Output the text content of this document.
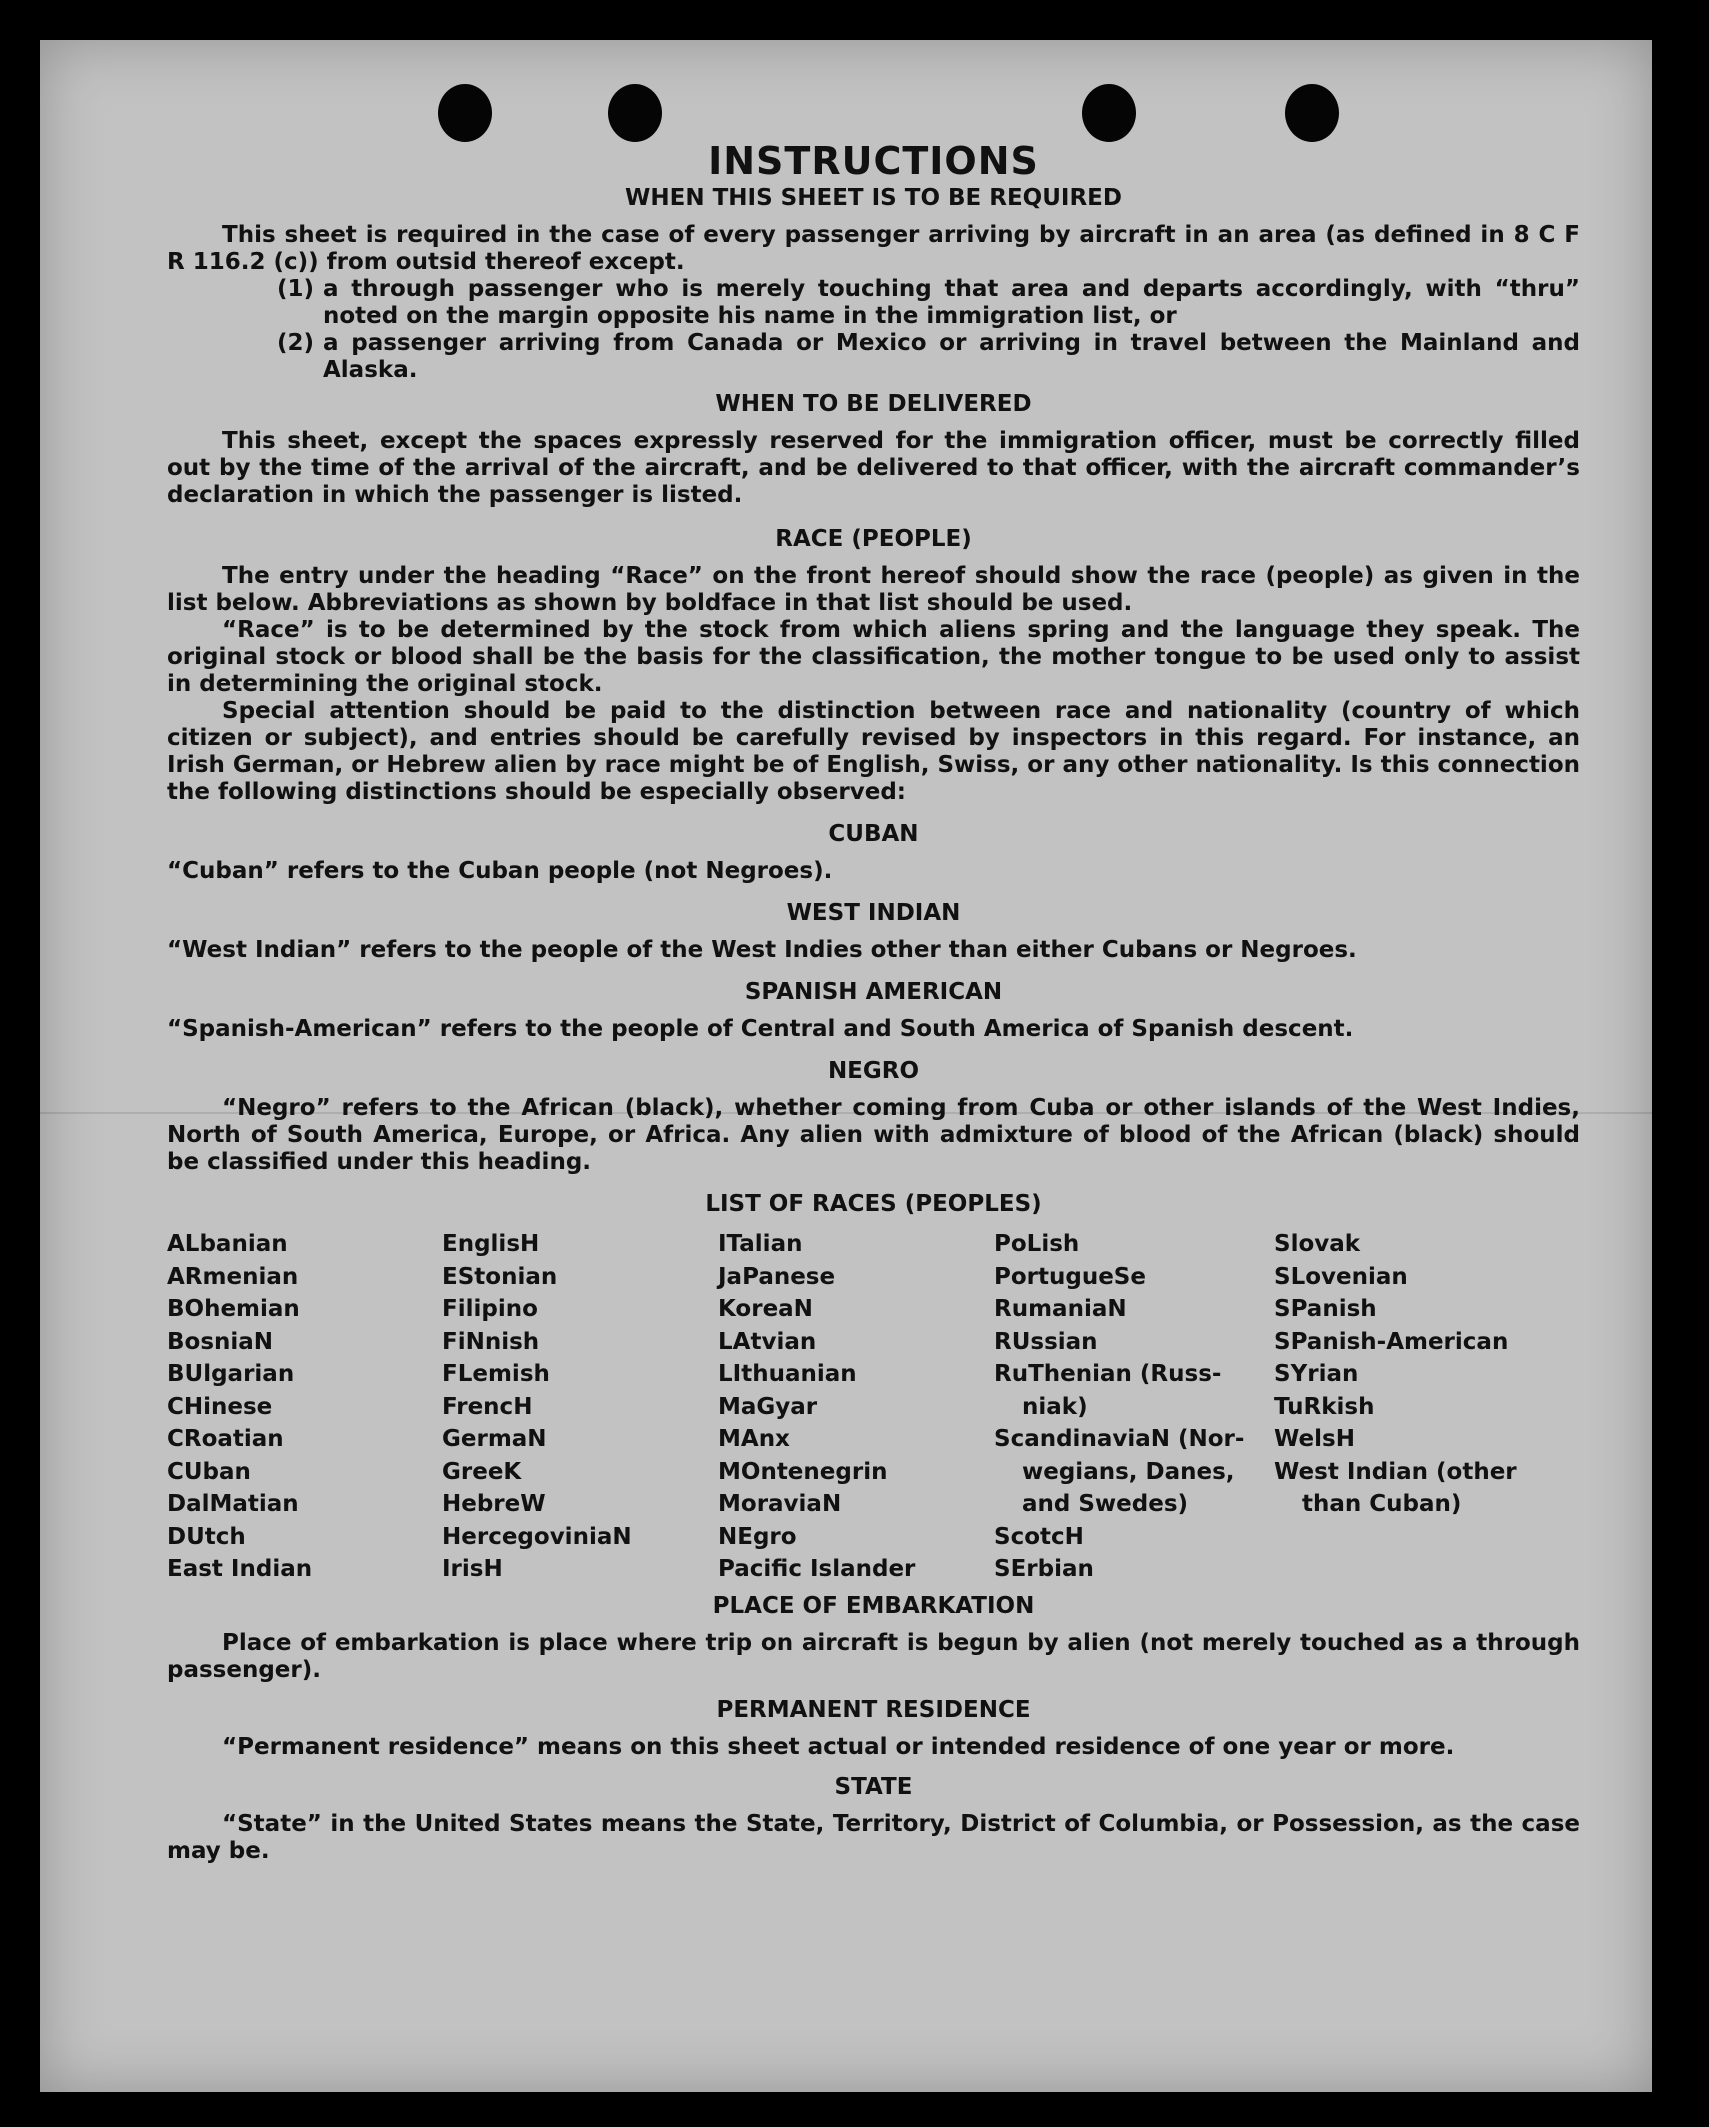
INSTRUCTIONS
WHEN THIS SHEET IS TO BE REQUIRED

This sheet is required in the case of every passenger arriving by aircraft in an area (as defined in 8 C F R 116.2 (c)) from outsid thereof except.

(1) a through passenger who is merely touching that area and departs accordingly, with “thru” noted on the margin opposite his name in the immigration list, or
(2) a passenger arriving from Canada or Mexico or arriving in travel between the Mainland and Alaska.
WHEN TO BE DELIVERED

This sheet, except the spaces expressly reserved for the immigration officer, must be correctly filled out by the time of the arrival of the aircraft, and be delivered to that officer, with the aircraft commander’s declaration in which the passenger is listed.

RACE (PEOPLE)

The entry under the heading “Race” on the front hereof should show the race (people) as given in the list below. Abbreviations as shown by boldface in that list should be used.

“Race” is to be determined by the stock from which aliens spring and the language they speak. The original stock or blood shall be the basis for the classification, the mother tongue to be used only to assist in determining the original stock.

Special attention should be paid to the distinction between race and nationality (country of which citizen or subject), and entries should be carefully revised by inspectors in this regard. For instance, an Irish German, or Hebrew alien by race might be of English, Swiss, or any other nationality. Is this connection the following distinctions should be especially observed:

CUBAN

“Cuban” refers to the Cuban people (not Negroes).

WEST INDIAN

“West Indian” refers to the people of the West Indies other than either Cubans or Negroes.

SPANISH AMERICAN

“Spanish-American” refers to the people of Central and South America of Spanish descent.

NEGRO

“Negro” refers to the African (black), whether coming from Cuba or other islands of the West Indies, North of South America, Europe, or Africa. Any alien with admixture of blood of the African (black) should be classified under this heading.

LIST OF RACES (PEOPLES)
ALbanian
ARmenian
BOhemian
BosniaN
BUlgarian
CHinese
CRoatian
CUban
DalMatian
DUtch
East Indian
EnglisH
EStonian
Filipino
FiNnish
FLemish
FrencH
GermaN
GreeK
HebreW
HercegoviniaN
IrisH
ITalian
JaPanese
KoreaN
LAtvian
LIthuanian
MaGyar
MAnx
MOntenegrin
MoraviaN
NEgro
Pacific Islander
PoLish
PortugueSe
RumaniaN
RUssian
RuThenian (Russ-
niak)
ScandinaviaN (Nor-
wegians, Danes,
and Swedes)
ScotcH
SErbian
Slovak
SLovenian
SPanish
SPanish-American
SYrian
TuRkish
WelsH
West Indian (other
than Cuban)
PLACE OF EMBARKATION

Place of embarkation is place where trip on aircraft is begun by alien (not merely touched as a through passenger).

PERMANENT RESIDENCE

“Permanent residence” means on this sheet actual or intended residence of one year or more.

STATE

“State” in the United States means the State, Territory, District of Columbia, or Possession, as the case may be.
